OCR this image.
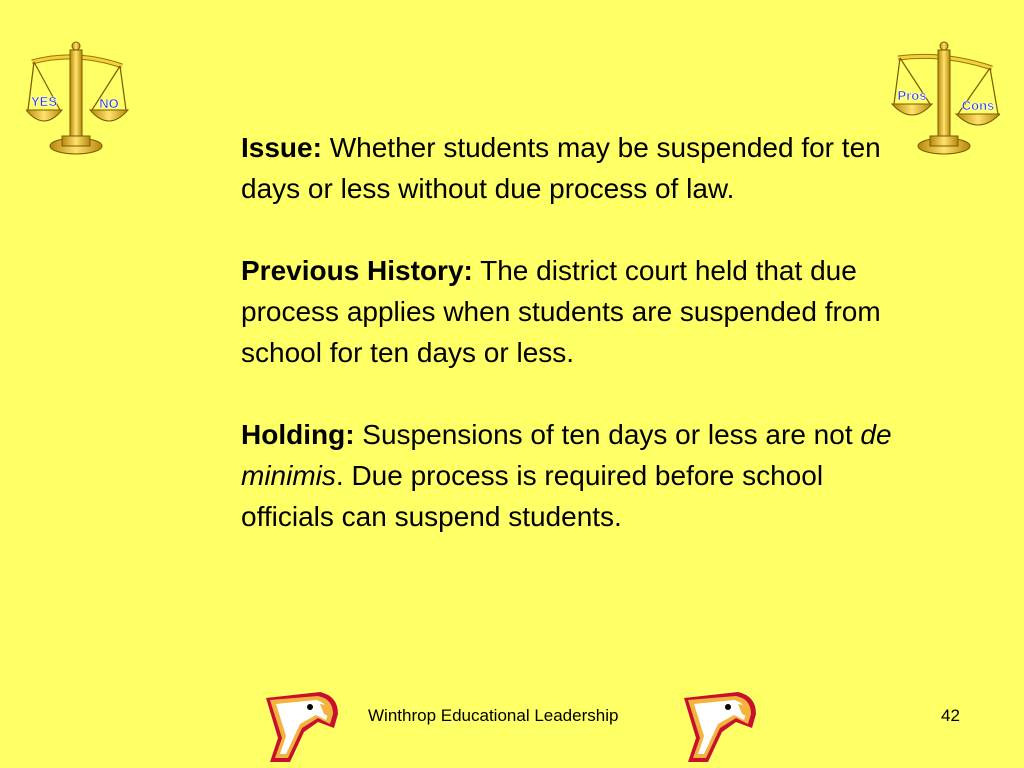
YES	NO
Pros
Cons

Issue: Whether students may be suspended for ten days or less without due process of law.

Previous History: The district court held that due process applies when students are suspended from school for ten days or less.

Holding: Suspensions of ten days or less are not de minimis. Due process is required before school officials can suspend students.

Winthrop Educational Leadership	42
